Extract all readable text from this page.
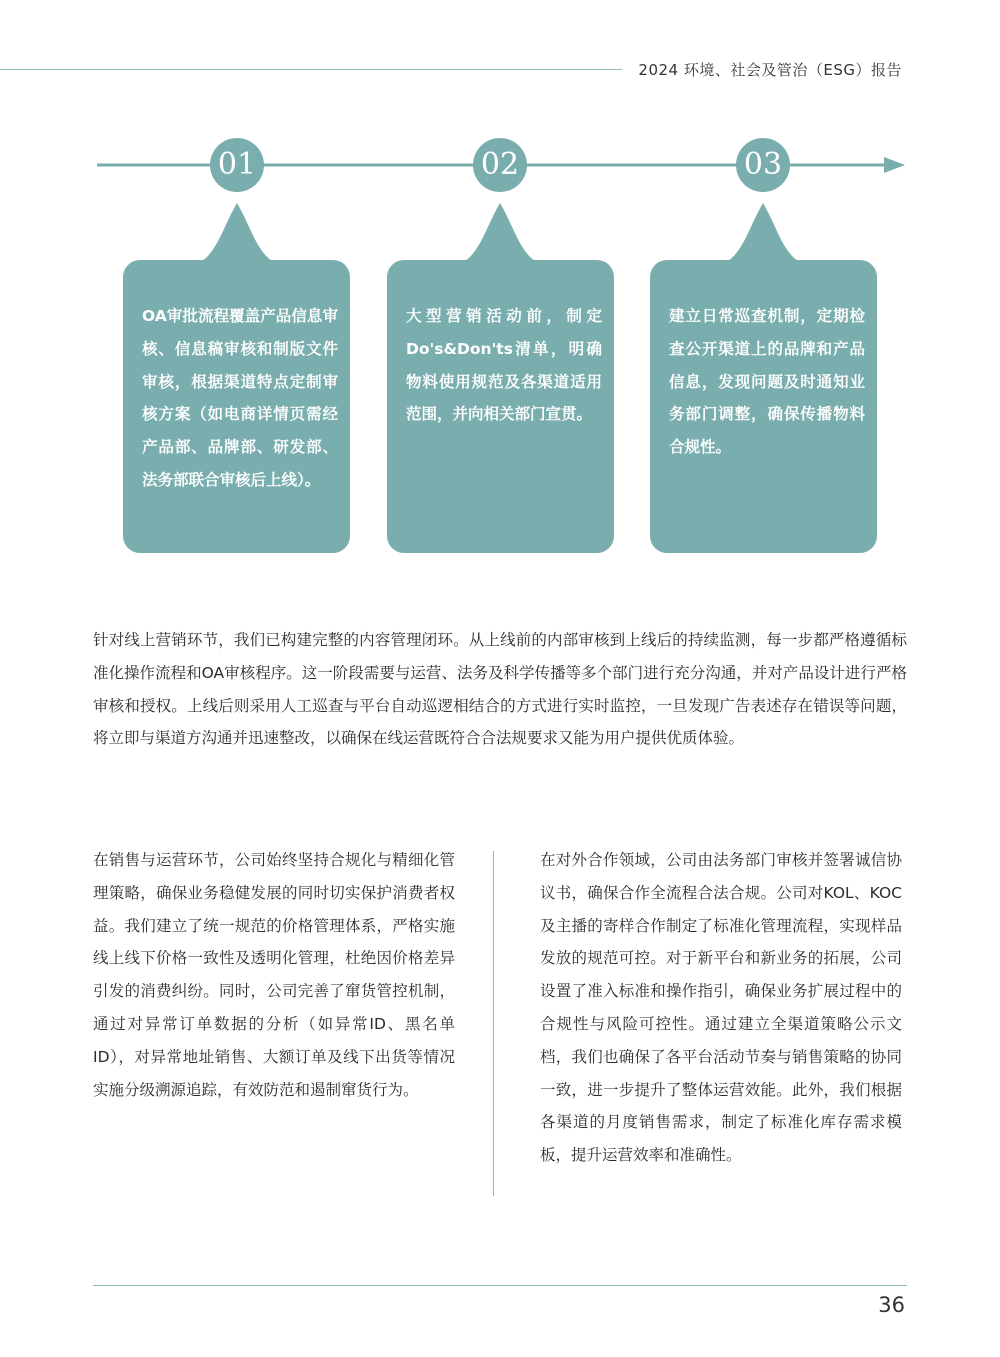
2024 环境、社会及管治（ESG）报告
01	02	03
OA审批流程覆盖产品信息审核、信息稿审核和制版文件审核，根据渠道特点定制审核方案（如电商详情页需经产品部、品牌部、研发部、法务部联合审核后上线）。
大型营销活动前，制定Do's&Don'ts清单，明确物料使用规范及各渠道适用范围，并向相关部门宣贯。
建立日常巡查机制，定期检查公开渠道上的品牌和产品信息，发现问题及时通知业务部门调整，确保传播物料合规性。
针对线上营销环节，我们已构建完整的内容管理闭环。从上线前的内部审核到上线后的持续监测，每一步都严格遵循标准化操作流程和OA审核程序。这一阶段需要与运营、法务及科学传播等多个部门进行充分沟通，并对产品设计进行严格审核和授权。上线后则采用人工巡查与平台自动巡逻相结合的方式进行实时监控，一旦发现广告表述存在错误等问题，将立即与渠道方沟通并迅速整改，以确保在线运营既符合合法规要求又能为用户提供优质体验。
在销售与运营环节，公司始终坚持合规化与精细化管理策略，确保业务稳健发展的同时切实保护消费者权益。我们建立了统一规范的价格管理体系，严格实施线上线下价格一致性及透明化管理，杜绝因价格差异引发的消费纠纷。同时，公司完善了窜货管控机制，通过对异常订单数据的分析（如异常ID、黑名单ID），对异常地址销售、大额订单及线下出货等情况实施分级溯源追踪，有效防范和遏制窜货行为。
在对外合作领域，公司由法务部门审核并签署诚信协议书，确保合作全流程合法合规。公司对KOL、KOC及主播的寄样合作制定了标准化管理流程，实现样品发放的规范可控。对于新平台和新业务的拓展，公司设置了准入标准和操作指引，确保业务扩展过程中的合规性与风险可控性。通过建立全渠道策略公示文档，我们也确保了各平台活动节奏与销售策略的协同一致，进一步提升了整体运营效能。此外，我们根据各渠道的月度销售需求，制定了标准化库存需求模板，提升运营效率和准确性。
36
